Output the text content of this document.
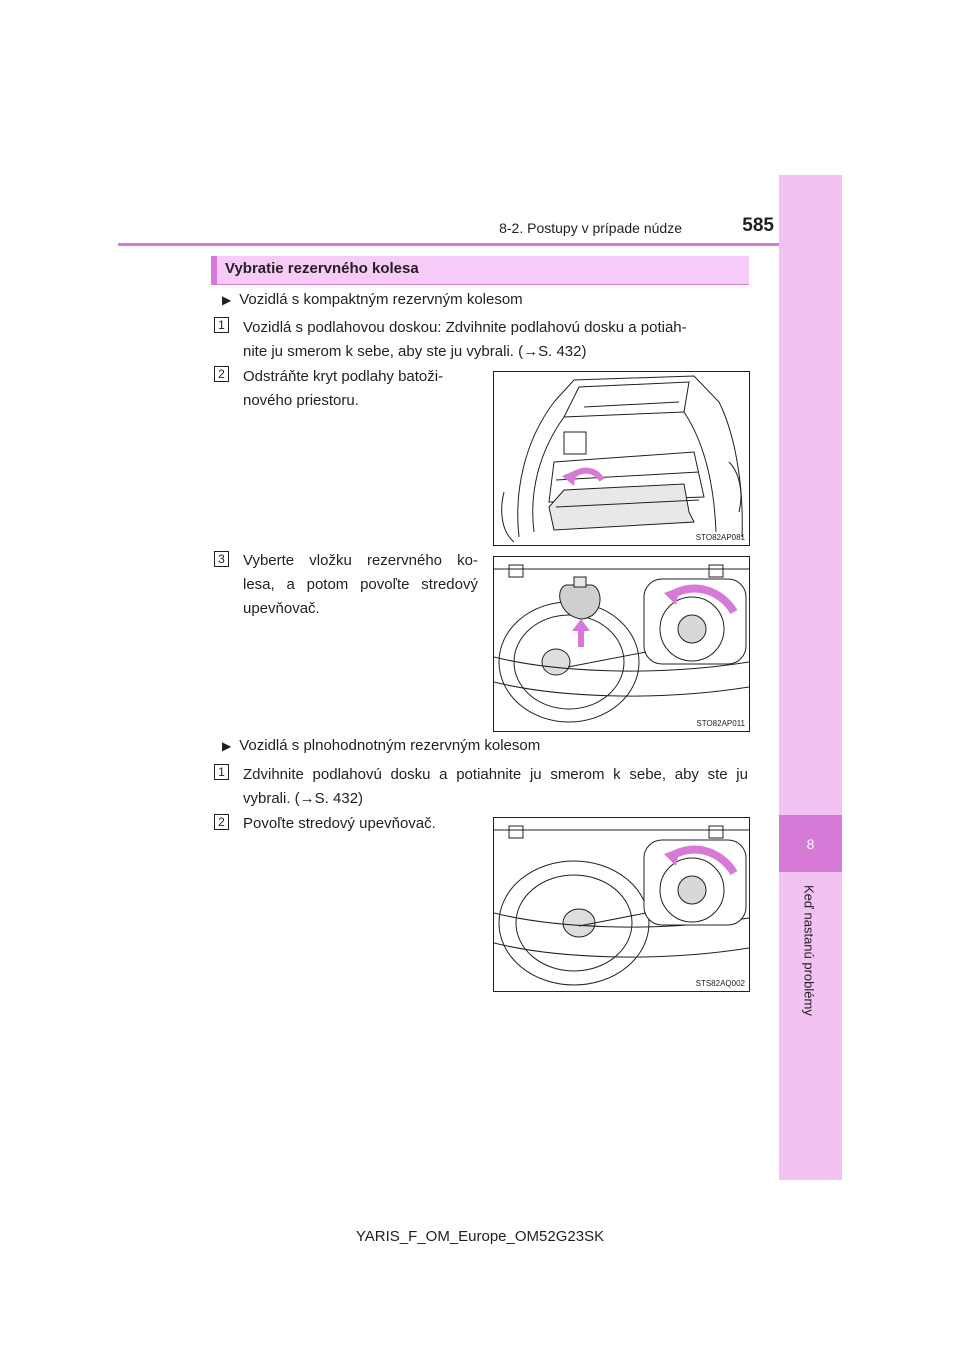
8
Keď nastanú problémy
8-2. Postupy v prípade núdze	585
Vybratie rezervného kolesa
▶ Vozidlá s kompaktným rezervným kolesom
1 Vozidlá s podlahovou doskou: Zdvihnite podlahovú dosku a potiah-
nite ju smerom k sebe, aby ste ju vybrali. (→S. 432)
2 Odstráňte kryt podlahy batoži-
nového priestoru.
STO82AP081
3 Vyberte vložku rezervného ko-
lesa, a potom povoľte stredový
upevňovač.
STO82AP011
▶ Vozidlá s plnohodnotným rezervným kolesom
1 Zdvihnite podlahovú dosku a potiahnite ju smerom k sebe, aby ste ju
vybrali. (→S. 432)
2 Povoľte stredový upevňovač.
STS82AQ002
YARIS_F_OM_Europe_OM52G23SK
